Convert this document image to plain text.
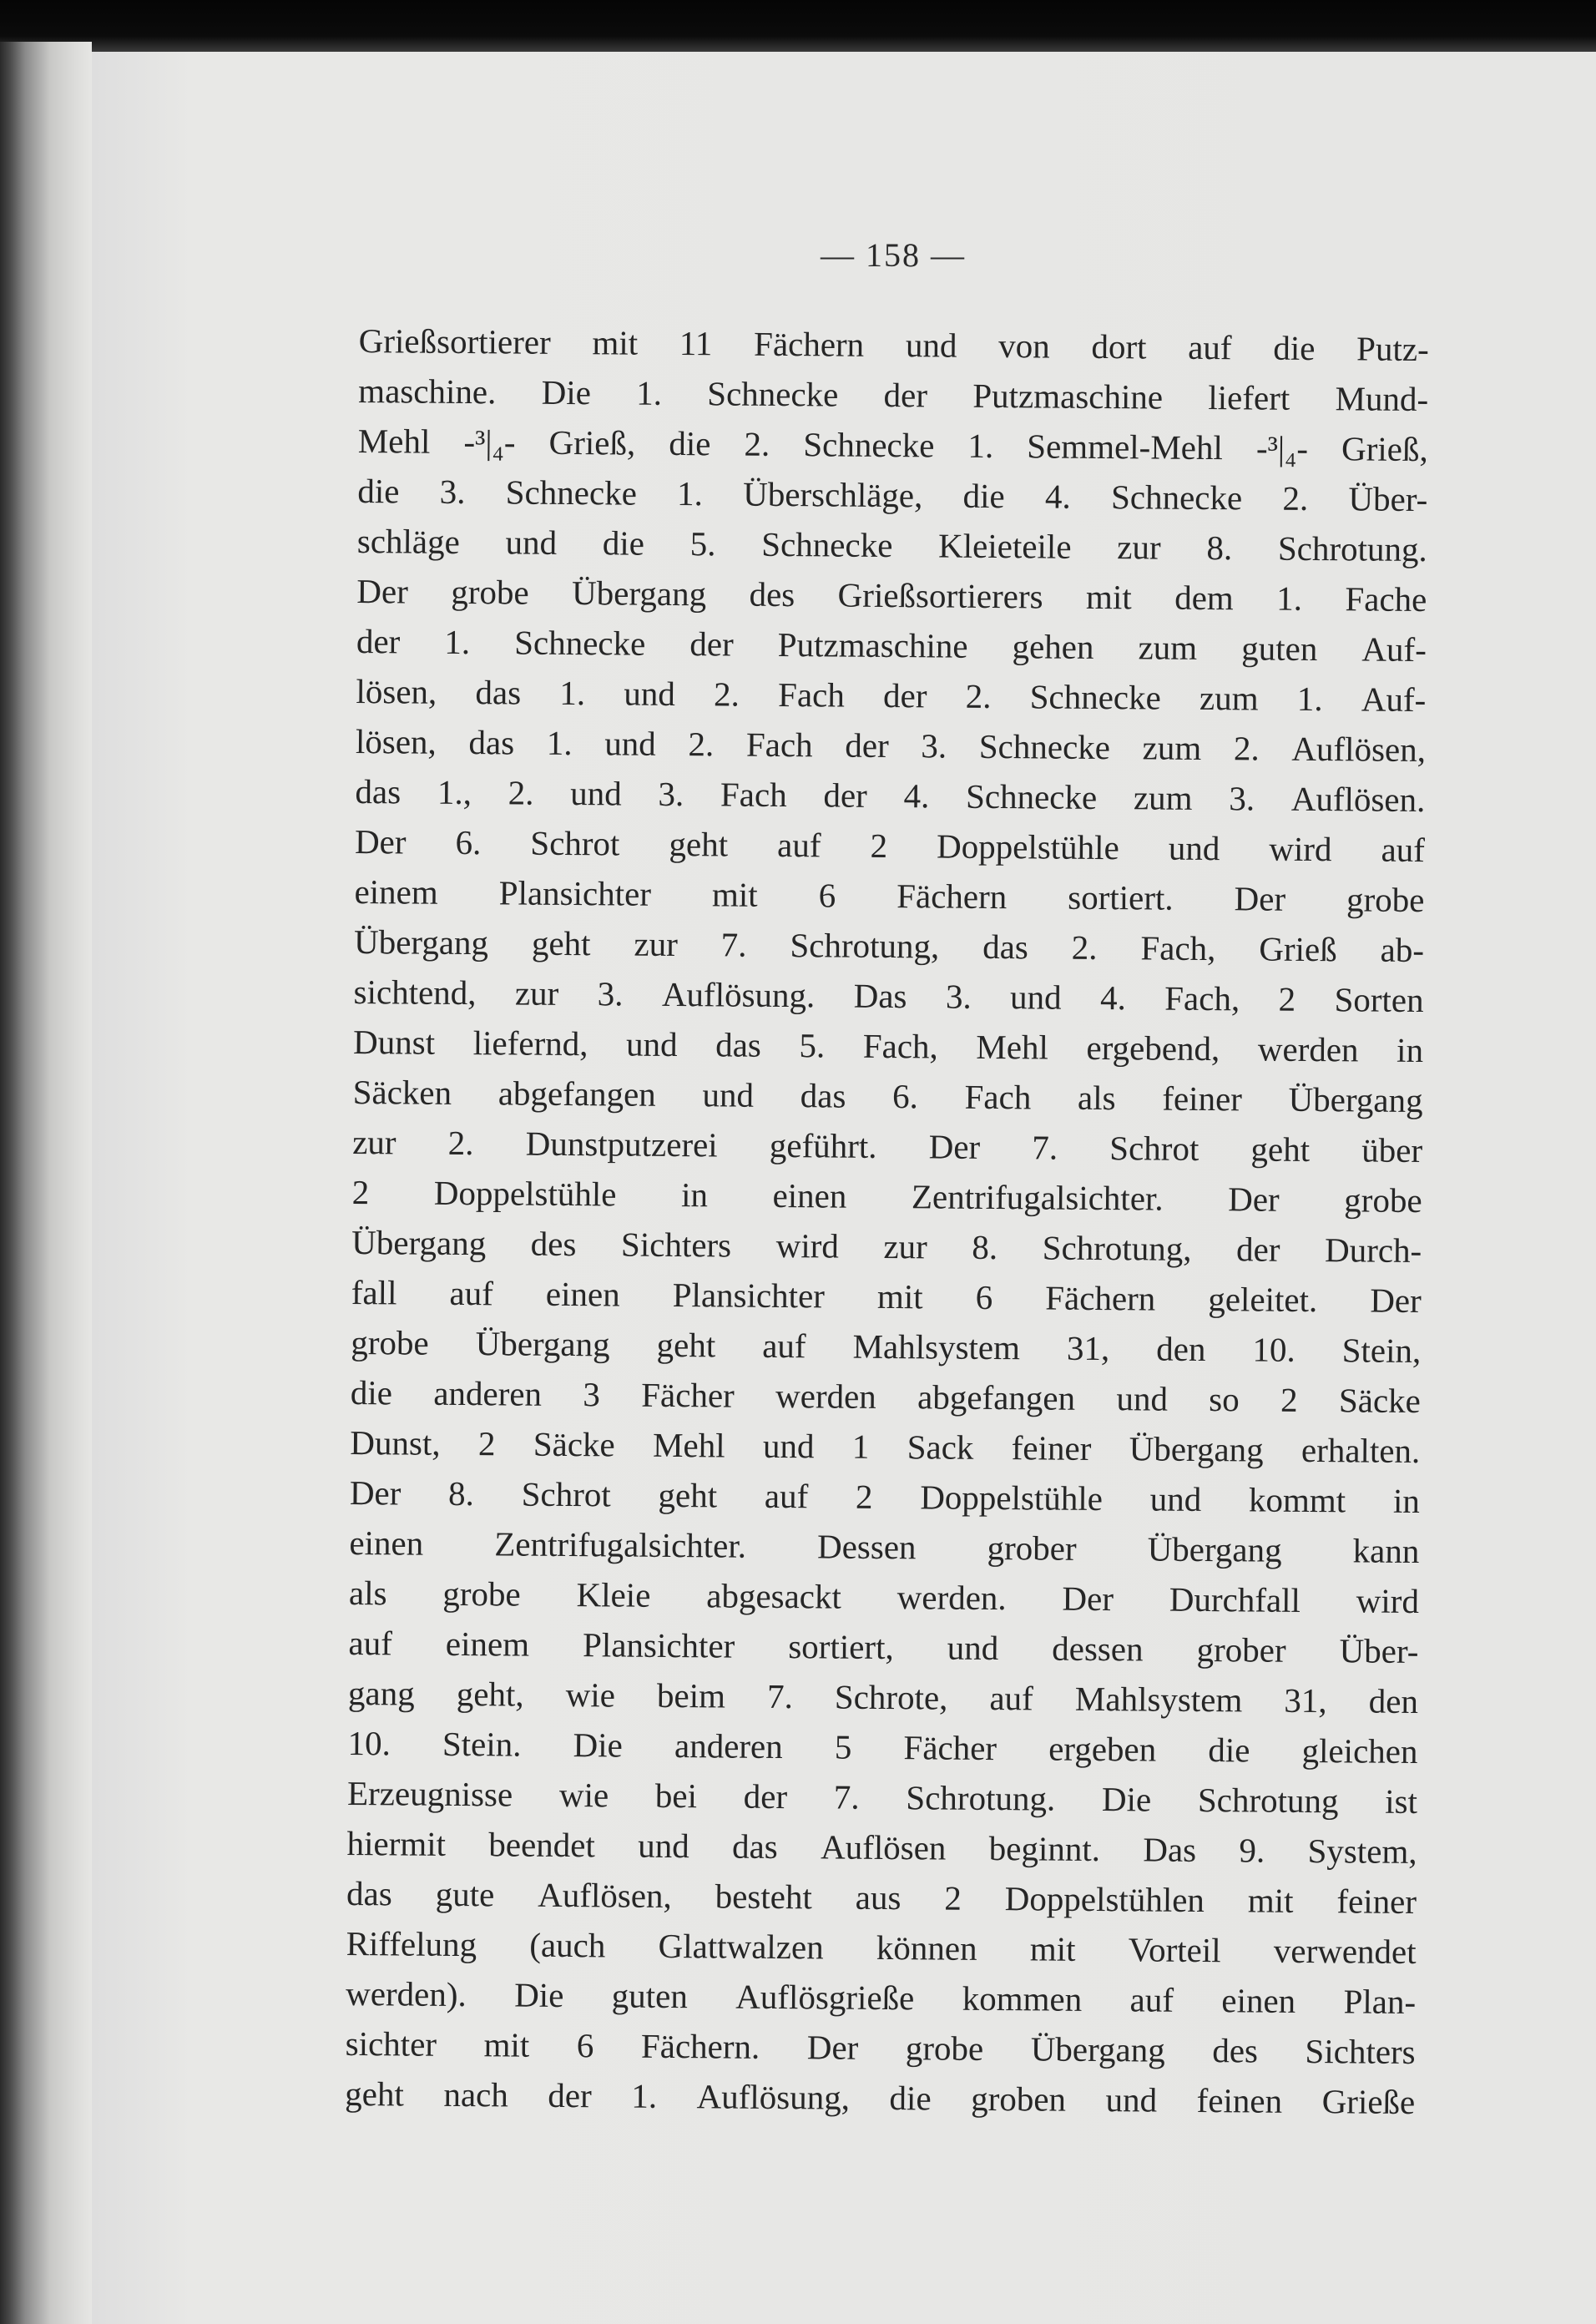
— 158 —
Grießsortierer mit 11 Fächern und von dort auf die Putz-
maschine. Die 1. Schnecke der Putzmaschine liefert Mund-
Mehl -³|₄- Grieß, die 2. Schnecke 1. Semmel-Mehl -³|₄- Grieß,
die 3. Schnecke 1. Überschläge, die 4. Schnecke 2. Über-
schläge und die 5. Schnecke Kleieteile zur 8. Schrotung.
Der grobe Übergang des Grießsortierers mit dem 1. Fache
der 1. Schnecke der Putzmaschine gehen zum guten Auf-
lösen, das 1. und 2. Fach der 2. Schnecke zum 1. Auf-
lösen, das 1. und 2. Fach der 3. Schnecke zum 2. Auflösen,
das 1., 2. und 3. Fach der 4. Schnecke zum 3. Auflösen.
Der 6. Schrot geht auf 2 Doppelstühle und wird auf
einem Plansichter mit 6 Fächern sortiert. Der grobe
Übergang geht zur 7. Schrotung, das 2. Fach, Grieß ab-
sichtend, zur 3. Auflösung. Das 3. und 4. Fach, 2 Sorten
Dunst liefernd, und das 5. Fach, Mehl ergebend, werden in
Säcken abgefangen und das 6. Fach als feiner Übergang
zur 2. Dunstputzerei geführt. Der 7. Schrot geht über
2 Doppelstühle in einen Zentrifugalsichter. Der grobe
Übergang des Sichters wird zur 8. Schrotung, der Durch-
fall auf einen Plansichter mit 6 Fächern geleitet. Der
grobe Übergang geht auf Mahlsystem 31, den 10. Stein,
die anderen 3 Fächer werden abgefangen und so 2 Säcke
Dunst, 2 Säcke Mehl und 1 Sack feiner Übergang erhalten.
Der 8. Schrot geht auf 2 Doppelstühle und kommt in
einen Zentrifugalsichter. Dessen grober Übergang kann
als grobe Kleie abgesackt werden. Der Durchfall wird
auf einem Plansichter sortiert, und dessen grober Über-
gang geht, wie beim 7. Schrote, auf Mahlsystem 31, den
10. Stein. Die anderen 5 Fächer ergeben die gleichen
Erzeugnisse wie bei der 7. Schrotung. Die Schrotung ist
hiermit beendet und das Auflösen beginnt. Das 9. System,
das gute Auflösen, besteht aus 2 Doppelstühlen mit feiner
Riffelung (auch Glattwalzen können mit Vorteil verwendet
werden). Die guten Auflösgrieße kommen auf einen Plan-
sichter mit 6 Fächern. Der grobe Übergang des Sichters
geht nach der 1. Auflösung, die groben und feinen Grieße
